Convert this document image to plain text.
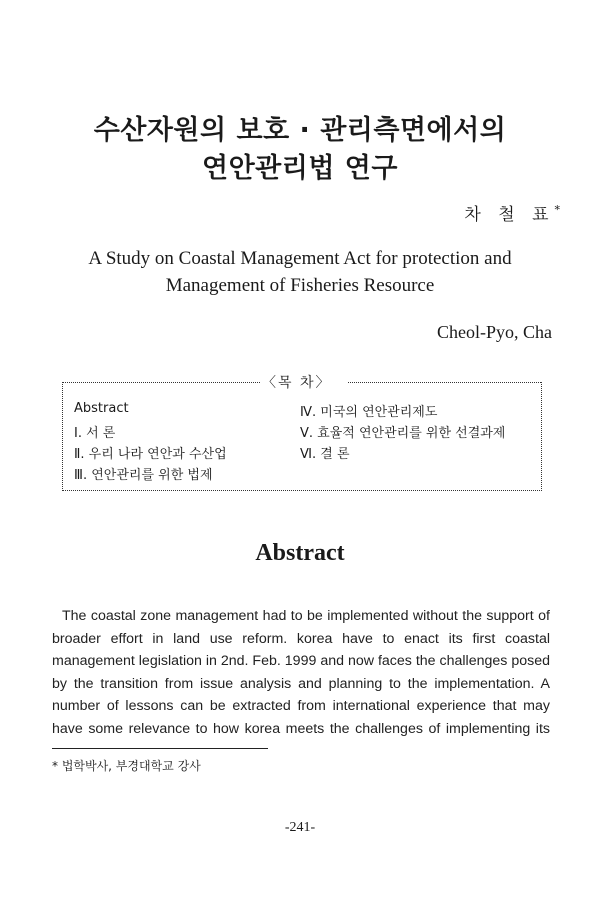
수산자원의 보호 · 관리측면에서의
연안관리법 연구
차 철 표*
A Study on Coastal Management Act for protection and
Management of Fisheries Resource
Cheol-Pyo, Cha
〈목 차〉
Abstract
Ⅰ. 서 론
Ⅱ. 우리 나라 연안과 수산업
Ⅲ. 연안관리를 위한 법제
Ⅳ. 미국의 연안관리제도
Ⅴ. 효율적 연안관리를 위한 선결과제
Ⅵ. 결 론
Abstract
The coastal zone management had to be implemented without the support of
broader effort in land use reform. korea have to enact its first coastal
management legislation in 2nd. Feb. 1999 and now faces the challenges posed
by the transition from issue analysis and planning to the implementation. A
number of lessons can be extracted from international experience that may
have some relevance to how korea meets the challenges of implementing its
* 법학박사, 부경대학교 강사
-241-
